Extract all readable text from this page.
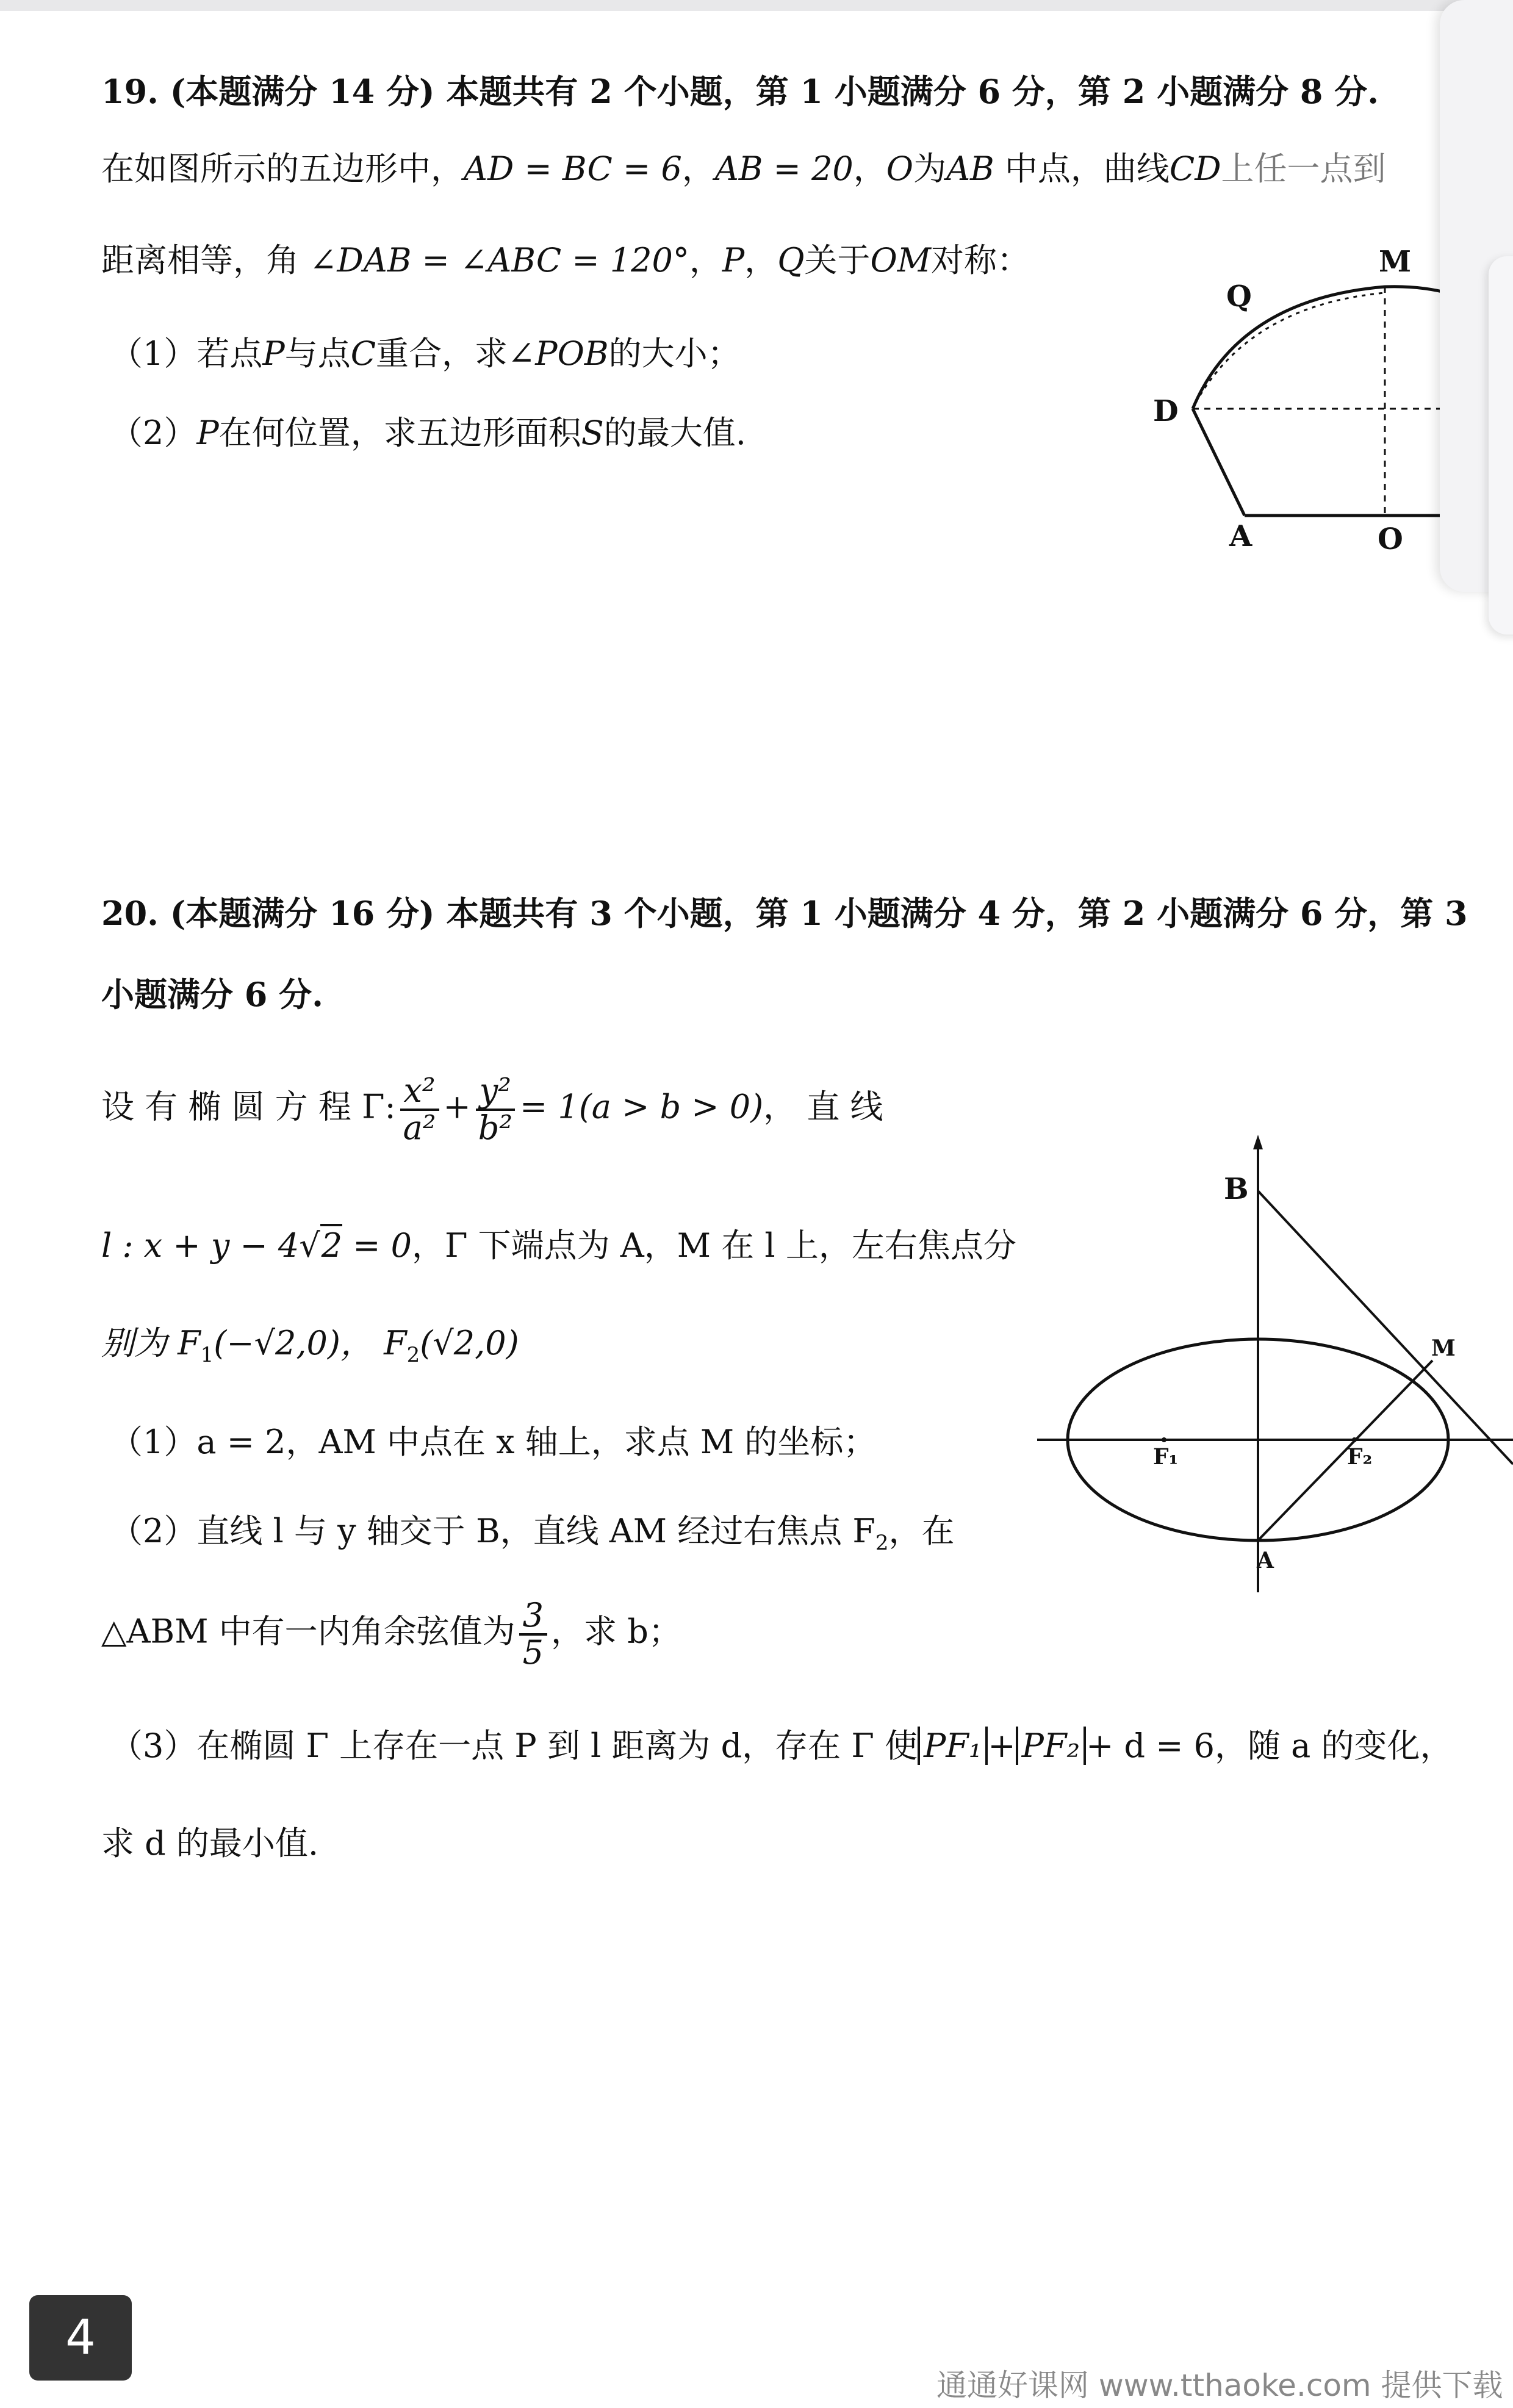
19. (本题满分 14 分) 本题共有 2 个小题，第 1 小题满分 6 分，第 2 小题满分 8 分.
在如图所示的五边形中，AD = BC = 6，AB = 20，O为AB 中点，曲线CD上任一点到
距离相等，角 ∠DAB = ∠ABC = 120°，P，Q关于OM对称：
（1）若点P与点C重合，求∠POB的大小；
（2）P在何位置，求五边形面积S的最大值.
M
Q
D
A	O
20. (本题满分 16 分) 本题共有 3 个小题，第 1 小题满分 4 分，第 2 小题满分 6 分，第 3
小题满分 6 分.
设 有 椭 圆 方 程 Γ: $\frac{\text{x²}}{\text{a²}} + \frac{\text{y²}}{\text{b²}} = 1(a > b > 0)$， 直 线
l : x + y − 4√2 = 0，Γ 下端点为 A，M 在 l 上，左右焦点分
别为 $F_1(-√2,0)$， $F_2(√2,0)$
（1）a = 2，AM 中点在 x 轴上，求点 M 的坐标；
（2）直线 l 与 y 轴交于 B，直线 AM 经过右焦点 $F_2$，在
△ABM 中有一内角余弦值为 $\frac{3}{5}$ ，求 b；
（3）在椭圆 Γ 上存在一点 P 到 l 距离为 d，存在 Γ 使 PF₁ + PF₂ + d = 6，随 a 的变化，
求 d 的最小值.
B
M
F₁	F₂
A
4
通通好课网 www.tthaoke.com 提供下载
